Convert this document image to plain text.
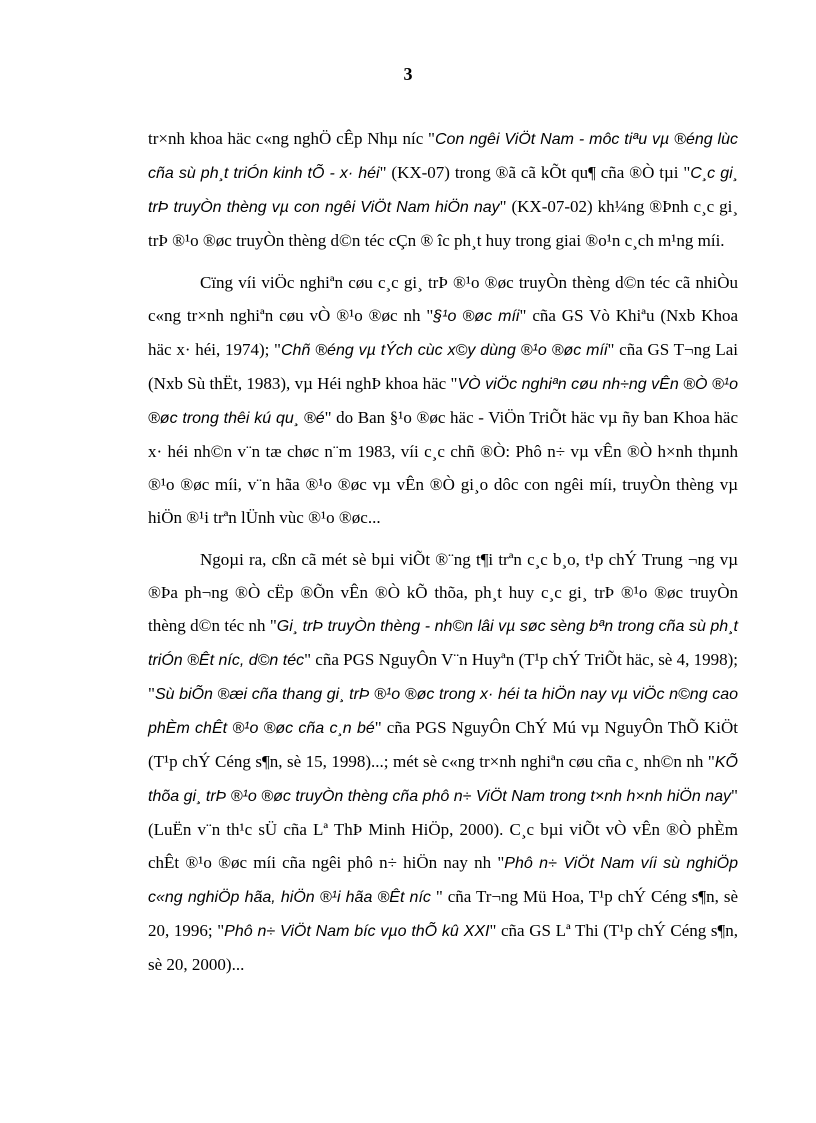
3

tr×nh khoa häc c«ng nghÖ cÊp Nhµ níc "Con ngêi ViÖt Nam - môc tiªu vµ ®éng lùc cña sù ph¸t triÓn kinh tÕ - x· héi" (KX-07) trong ®ã cã kÕt qu¶ cña ®Ò tµi "C¸c gi¸ trÞ truyÒn thèng vµ con ngêi ViÖt Nam hiÖn nay" (KX-07-02) kh¼ng ®Þnh c¸c gi¸ trÞ ®¹o ®øc truyÒn thèng d©n téc cÇn ® îc ph¸t huy trong giai ®o¹n c¸ch m¹ng míi.

Cïng víi viÖc nghiªn cøu c¸c gi¸ trÞ ®¹o ®øc truyÒn thèng d©n téc cã nhiÒu c«ng tr×nh nghiªn cøu vÒ ®¹o ®øc nh "§¹o ®øc míi" cña GS Vò Khiªu (Nxb Khoa häc x· héi, 1974); "Chñ ®éng vµ tÝch cùc x©y dùng ®¹o ®øc míi" cña GS T¬ng Lai (Nxb Sù thËt, 1983), vµ Héi nghÞ khoa häc "VÒ viÖc nghiªn cøu nh÷ng vÊn ®Ò ®¹o ®øc trong thêi kú qu¸ ®é" do Ban §¹o ®øc häc - ViÖn TriÕt häc vµ ñy ban Khoa häc x· héi nh©n v¨n tæ chøc n¨m 1983, víi c¸c chñ ®Ò: Phô n÷ vµ vÊn ®Ò h×nh thµnh ®¹o ®øc míi, v¨n hãa ®¹o ®øc vµ vÊn ®Ò gi¸o dôc con ngêi míi, truyÒn thèng vµ hiÖn ®¹i trªn lÜnh vùc ®¹o ®øc...

Ngoµi ra, cßn cã mét sè bµi viÕt ®¨ng t¶i trªn c¸c b¸o, t¹p chÝ Trung ¬ng vµ ®Þa ph¬ng ®Ò cËp ®Õn vÊn ®Ò kÕ thõa, ph¸t huy c¸c gi¸ trÞ ®¹o ®øc truyÒn thèng d©n téc nh "Gi¸ trÞ truyÒn thèng - nh©n lâi vµ søc sèng bªn trong cña sù ph¸t triÓn ®Êt níc, d©n téc" cña PGS NguyÔn V¨n Huyªn (T¹p chÝ TriÕt häc, sè 4, 1998); "Sù biÕn ®æi cña thang gi¸ trÞ ®¹o ®øc trong x· héi ta hiÖn nay vµ viÖc n©ng cao phÈm chÊt ®¹o ®øc cña c¸n bé" cña PGS NguyÔn ChÝ Mú vµ NguyÔn ThÕ KiÖt (T¹p chÝ Céng s¶n, sè 15, 1998)...; mét sè c«ng tr×nh nghiªn cøu cña c¸ nh©n nh "KÕ thõa gi¸ trÞ ®¹o ®øc truyÒn thèng cña phô n÷ ViÖt Nam trong t×nh h×nh hiÖn nay" (LuËn v¨n th¹c sÜ cña Lª ThÞ Minh HiÖp, 2000). C¸c bµi viÕt vÒ vÊn ®Ò phÈm chÊt ®¹o ®øc míi cña ngêi phô n÷ hiÖn nay nh "Phô n÷ ViÖt Nam víi sù nghiÖp c«ng nghiÖp hãa, hiÖn ®¹i hãa ®Êt níc " cña Tr¬ng Mü Hoa, T¹p chÝ Céng s¶n, sè 20, 1996; "Phô n÷ ViÖt Nam bíc vµo thÕ kû XXI" cña GS Lª Thi (T¹p chÝ Céng s¶n, sè 20, 2000)...
